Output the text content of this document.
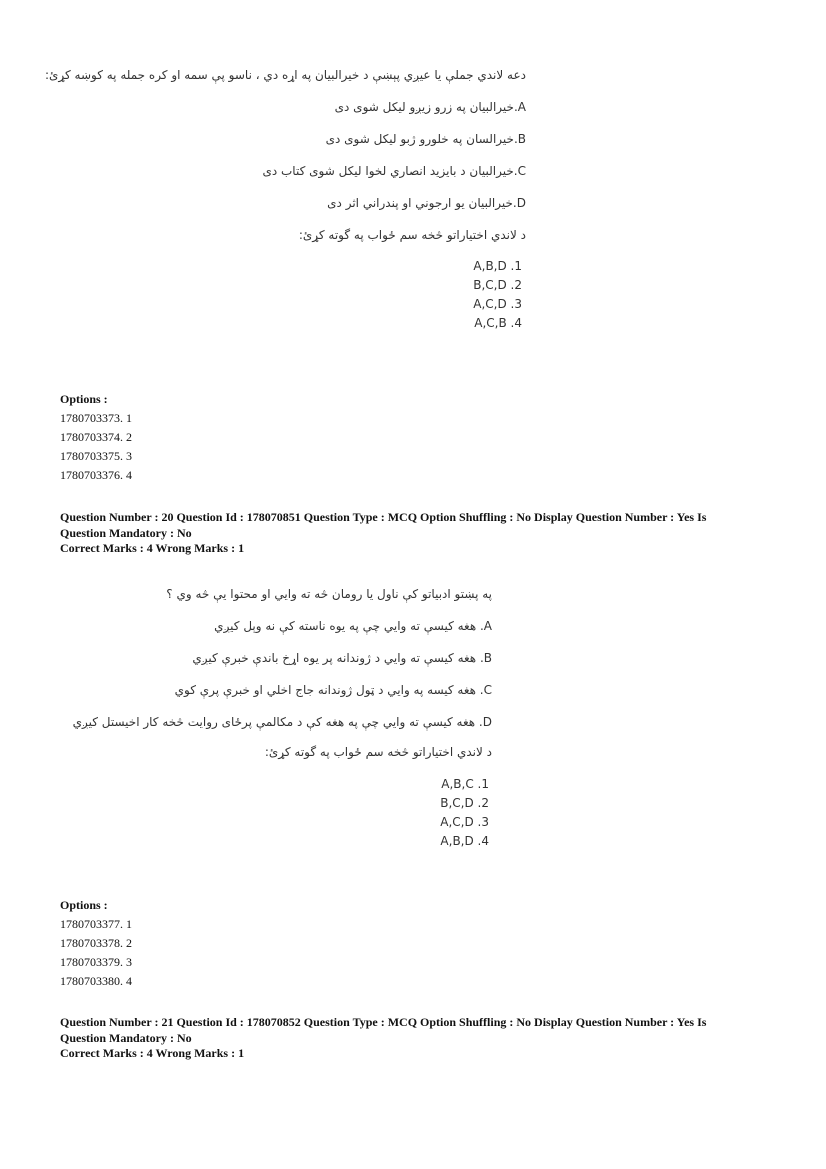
دعه لاندي جملې يا عيږي پېښې د خيرالبيان په اړه دي ، ناسو پې سمه او کره جمله په کوښه کړئ:
A.خيرالبيان په زرو زيږو ليکل شوی دی
B.خيرالسان په خلورو ژبو ليکل شوی دی
C.خيرالبيان د بايزيد انصاري لخوا ليکل شوی کتاب دی
D.خيرالبيان يو ارجوني او پندراني اثر دی
د لاندي اختياراتو څخه سم ځواب په گوته کړئ:
A,B,D .1
B,C,D .2
A,C,D .3
A,C,B .4
Options :
1780703373. 1
1780703374. 2
1780703375. 3
1780703376. 4
Question Number : 20 Question Id : 178070851 Question Type : MCQ Option Shuffling : No Display Question Number : Yes Is
Question Mandatory : No
Correct Marks : 4 Wrong Marks : 1
په پښتو ادبياتو کې ناول يا رومان څه ته وايي او محتوا يې څه وي ؟
A. هغه کيسې ته وايي چې په يوه ناسته کې نه وېل کيږي
B. هغه کيسې ته وايي د ژوندانه پر يوه اړخ باندې خبرې کيږي
C. هغه کيسه په وايي د ټول ژوندانه جاج اخلي او خبرې پرې کوي
D. هغه کيسې ته وايي چې په هغه کې د مکالمې پرځای روايت څخه کار اخيستل کيږي
د لاندي اختياراتو څخه سم ځواب په گوته کړئ:
A,B,C .1
B,C,D .2
A,C,D .3
A,B,D .4
Options :
1780703377. 1
1780703378. 2
1780703379. 3
1780703380. 4
Question Number : 21 Question Id : 178070852 Question Type : MCQ Option Shuffling : No Display Question Number : Yes Is
Question Mandatory : No
Correct Marks : 4 Wrong Marks : 1
